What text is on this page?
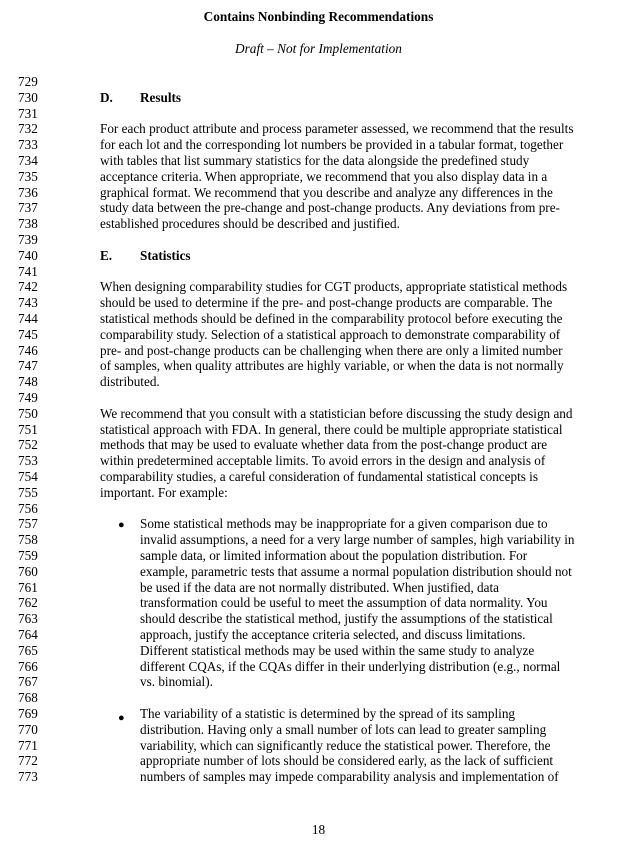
Contains Nonbinding Recommendations
Draft – Not for Implementation
729
730
731
732
733
734
735
736
737
738
739
740
741
742
743
744
745
746
747
748
749
750
751
752
753
754
755
756
757
758
759
760
761
762
763
764
765
766
767
768
769
770
771
772
773
D. Results
For each product attribute and process parameter assessed, we recommend that the results
for each lot and the corresponding lot numbers be provided in a tabular format, together
with tables that list summary statistics for the data alongside the predefined study
acceptance criteria. When appropriate, we recommend that you also display data in a
graphical format. We recommend that you describe and analyze any differences in the
study data between the pre-change and post-change products. Any deviations from pre-
established procedures should be described and justified.
E. Statistics
When designing comparability studies for CGT products, appropriate statistical methods
should be used to determine if the pre- and post-change products are comparable. The
statistical methods should be defined in the comparability protocol before executing the
comparability study. Selection of a statistical approach to demonstrate comparability of
pre- and post-change products can be challenging when there are only a limited number
of samples, when quality attributes are highly variable, or when the data is not normally
distributed.
We recommend that you consult with a statistician before discussing the study design and
statistical approach with FDA. In general, there could be multiple appropriate statistical
methods that may be used to evaluate whether data from the post-change product are
within predetermined acceptable limits. To avoid errors in the design and analysis of
comparability studies, a careful consideration of fundamental statistical concepts is
important. For example:
● Some statistical methods may be inappropriate for a given comparison due to
invalid assumptions, a need for a very large number of samples, high variability in
sample data, or limited information about the population distribution. For
example, parametric tests that assume a normal population distribution should not
be used if the data are not normally distributed. When justified, data
transformation could be useful to meet the assumption of data normality. You
should describe the statistical method, justify the assumptions of the statistical
approach, justify the acceptance criteria selected, and discuss limitations.
Different statistical methods may be used within the same study to analyze
different CQAs, if the CQAs differ in their underlying distribution (e.g., normal
vs. binomial).
● The variability of a statistic is determined by the spread of its sampling
distribution. Having only a small number of lots can lead to greater sampling
variability, which can significantly reduce the statistical power. Therefore, the
appropriate number of lots should be considered early, as the lack of sufficient
numbers of samples may impede comparability analysis and implementation of
18
